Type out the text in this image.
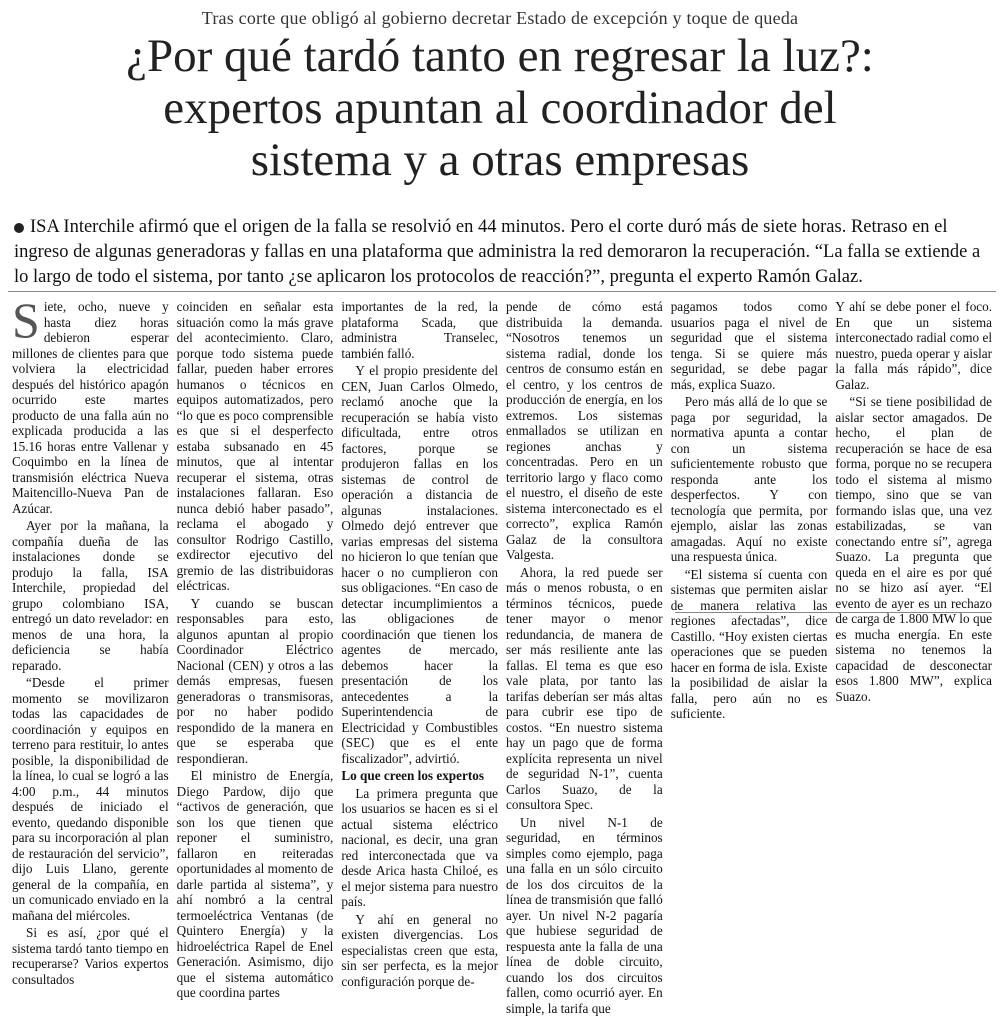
Tras corte que obligó al gobierno decretar Estado de excepción y toque de queda
¿Por qué tardó tanto en regresar la luz?:
expertos apuntan al coordinador del
sistema y a otras empresas
ISA Interchile afirmó que el origen de la falla se resolvió en 44 minutos. Pero el corte duró más de siete horas. Retraso en el ingreso de algunas generadoras y fallas en una plataforma que administra la red demoraron la recuperación. “La falla se extiende a lo largo de todo el sistema, por tanto ¿se aplicaron los protocolos de reacción?”, pregunta el experto Ramón Galaz.

Siete, ocho, nueve y hasta diez horas debieron esperar millones de clientes para que volviera la electricidad después del histórico apagón ocurrido este martes producto de una falla aún no explicada producida a las 15.16 horas entre Vallenar y Coquimbo en la línea de transmisión eléctrica Nueva Maitencillo-Nueva Pan de Azúcar.

Ayer por la mañana, la compañía dueña de las instalaciones donde se produjo la falla, ISA Interchile, propiedad del grupo colombiano ISA, entregó un dato revelador: en menos de una hora, la deficiencia se había reparado.

“Desde el primer momento se movilizaron todas las capacidades de coordinación y equipos en terreno para restituir, lo antes posible, la disponibilidad de la línea, lo cual se logró a las 4:00 p.m., 44 minutos después de iniciado el evento, quedando disponible para su incorporación al plan de restauración del servicio”, dijo Luis Llano, gerente general de la compañía, en un comunicado enviado en la mañana del miércoles.

Si es así, ¿por qué el sistema tardó tanto tiempo en recuperarse? Varios expertos consultados

coinciden en señalar esta situación como la más grave del acontecimiento. Claro, porque todo sistema puede fallar, pueden haber errores humanos o técnicos en equipos automatizados, pero “lo que es poco comprensible es que si el desperfecto estaba subsanado en 45 minutos, que al intentar recuperar el sistema, otras instalaciones fallaran. Eso nunca debió haber pasado”, reclama el abogado y consultor Rodrigo Castillo, exdirector ejecutivo del gremio de las distribuidoras eléctricas.

Y cuando se buscan responsables para esto, algunos apuntan al propio Coordinador Eléctrico Nacional (CEN) y otros a las demás empresas, fuesen generadoras o transmisoras, por no haber podido respondido de la manera en que se esperaba que respondieran.

El ministro de Energía, Diego Pardow, dijo que “activos de generación, que son los que tienen que reponer el suministro, fallaron en reiteradas oportunidades al momento de darle partida al sistema”, y ahí nombró a la central termoeléctrica Ventanas (de Quintero Energía) y la hidroeléctrica Rapel de Enel Generación. Asimismo, dijo que el sistema automático que coordina partes

importantes de la red, la plataforma Scada, que administra Transelec, también falló.

Y el propio presidente del CEN, Juan Carlos Olmedo, reclamó anoche que la recuperación se había visto dificultada, entre otros factores, porque se produjeron fallas en los sistemas de control de operación a distancia de algunas instalaciones. Olmedo dejó entrever que varias empresas del sistema no hicieron lo que tenían que hacer o no cumplieron con sus obligaciones. “En caso de detectar incumplimientos a las obligaciones de coordinación que tienen los agentes de mercado, debemos hacer la presentación de los antecedentes a la Superintendencia de Electricidad y Combustibles (SEC) que es el ente fiscalizador”, advirtió.

Lo que creen los expertos

La primera pregunta que los usuarios se hacen es si el actual sistema eléctrico nacional, es decir, una gran red interconectada que va desde Arica hasta Chiloé, es el mejor sistema para nuestro país.

Y ahí en general no existen divergencias. Los especialistas creen que esta, sin ser perfecta, es la mejor configuración porque de-

pende de cómo está distribuida la demanda. “Nosotros tenemos un sistema radial, donde los centros de consumo están en el centro, y los centros de producción de energía, en los extremos. Los sistemas enmallados se utilizan en regiones anchas y concentradas. Pero en un territorio largo y flaco como el nuestro, el diseño de este sistema interconectado es el correcto”, explica Ramón Galaz de la consultora Valgesta.

Ahora, la red puede ser más o menos robusta, o en términos técnicos, puede tener mayor o menor redundancia, de manera de ser más resiliente ante las fallas. El tema es que eso vale plata, por tanto las tarifas deberían ser más altas para cubrir ese tipo de costos. “En nuestro sistema hay un pago que de forma explícita representa un nivel de seguridad N-1”, cuenta Carlos Suazo, de la consultora Spec.

Un nivel N-1 de seguridad, en términos simples como ejemplo, paga una falla en un sólo circuito de los dos circuitos de la línea de transmisión que falló ayer. Un nivel N-2 pagaría que hubiese seguridad de respuesta ante la falla de una línea de doble circuito, cuando los dos circuitos fallen, como ocurrió ayer. En simple, la tarifa que

pagamos todos como usuarios paga el nivel de seguridad que el sistema tenga. Si se quiere más seguridad, se debe pagar más, explica Suazo.

Pero más allá de lo que se paga por seguridad, la normativa apunta a contar con un sistema suficientemente robusto que responda ante los desperfectos. Y con tecnología que permita, por ejemplo, aislar las zonas amagadas. Aquí no existe una respuesta única.

“El sistema sí cuenta con sistemas que permiten aislar de manera relativa las regiones afectadas”, dice Castillo. “Hoy existen ciertas operaciones que se pueden hacer en forma de isla. Existe la posibilidad de aislar la falla, pero aún no es suficiente.

Y ahí se debe poner el foco. En que un sistema interconectado radial como el nuestro, pueda operar y aislar la falla más rápido”, dice Galaz.

“Si se tiene posibilidad de aislar sector amagados. De hecho, el plan de recuperación se hace de esa forma, porque no se recupera todo el sistema al mismo tiempo, sino que se van formando islas que, una vez estabilizadas, se van conectando entre sí”, agrega Suazo. La pregunta que queda en el aire es por qué no se hizo así ayer. “El evento de ayer es un rechazo de carga de 1.800 MW lo que es mucha energía. En este sistema no tenemos la capacidad de desconectar esos 1.800 MW”, explica Suazo.
